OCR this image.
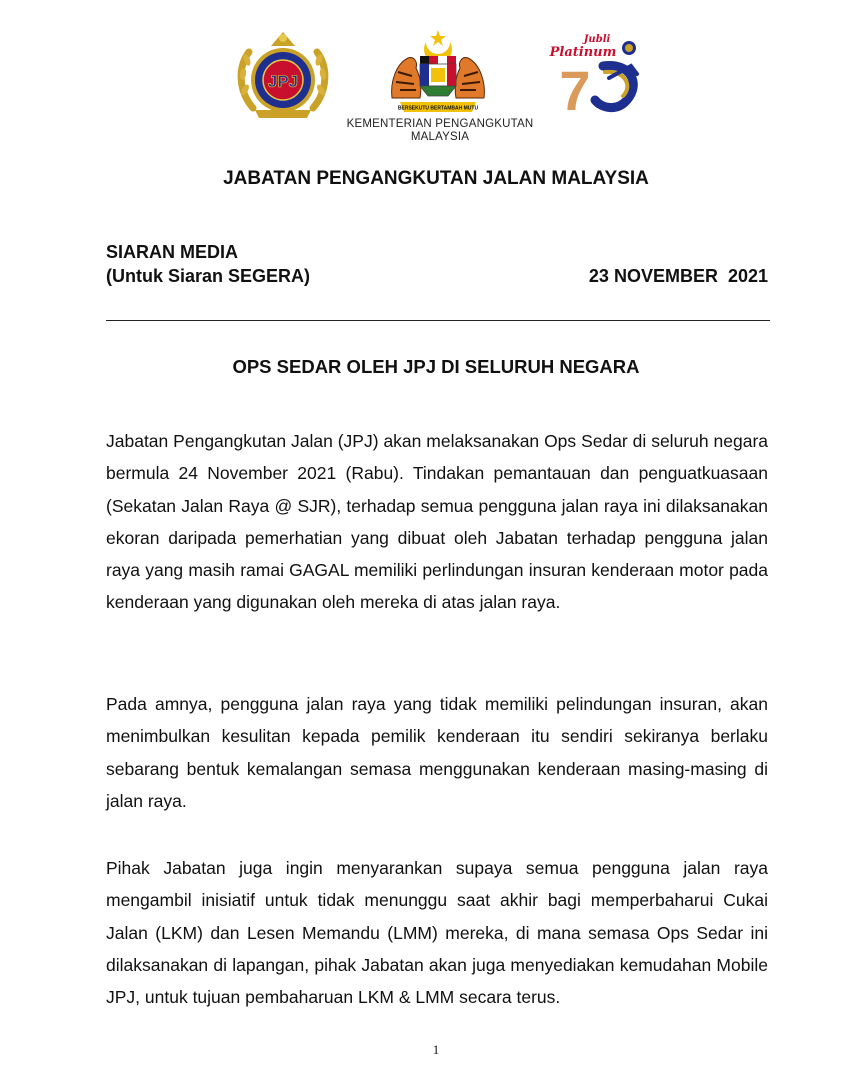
JPJ
BERSEKUTU BERTAMBAH MUTU
Jubli
Platinum
7
KEMENTERIAN PENGANGKUTAN
MALAYSIA
JABATAN PENGANGKUTAN JALAN MALAYSIA
SIARAN MEDIA
(Untuk Siaran SEGERA)	23 NOVEMBER  2021
OPS SEDAR OLEH JPJ DI SELURUH NEGARA

Jabatan Pengangkutan Jalan (JPJ) akan melaksanakan Ops Sedar di seluruh negara bermula 24 November 2021 (Rabu). Tindakan pemantauan dan penguatkuasaan (Sekatan Jalan Raya @ SJR), terhadap semua pengguna jalan raya ini dilaksanakan ekoran daripada pemerhatian yang dibuat oleh Jabatan terhadap pengguna jalan raya yang masih ramai GAGAL memiliki perlindungan insuran kenderaan motor pada kenderaan yang digunakan oleh mereka di atas jalan raya.

Pada amnya, pengguna jalan raya yang tidak memiliki pelindungan insuran, akan menimbulkan kesulitan kepada pemilik kenderaan itu sendiri sekiranya berlaku sebarang bentuk kemalangan semasa menggunakan kenderaan masing-masing di jalan raya.

Pihak Jabatan juga ingin menyarankan supaya semua pengguna jalan raya mengambil inisiatif untuk tidak menunggu saat akhir bagi memperbaharui Cukai Jalan (LKM) dan Lesen Memandu (LMM) mereka, di mana semasa Ops Sedar ini dilaksanakan di lapangan, pihak Jabatan akan juga menyediakan kemudahan Mobile JPJ, untuk tujuan pembaharuan LKM & LMM secara terus.

1
